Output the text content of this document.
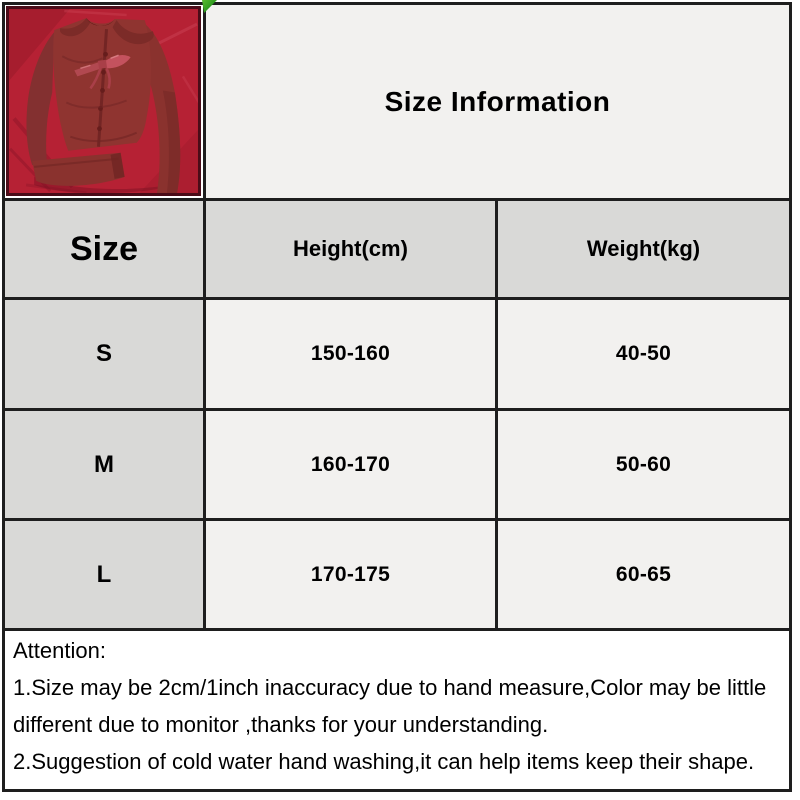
Size Information
Size	Height(cm)	Weight(kg)
S	150-160	40-50
M	160-170	50-60
L	170-175	60-65
Attention:
1.Size may be 2cm/1inch inaccuracy due to hand measure,Color may be little different due to monitor ,thanks for your understanding.
2.Suggestion of cold water hand washing,it can help items keep their shape.
